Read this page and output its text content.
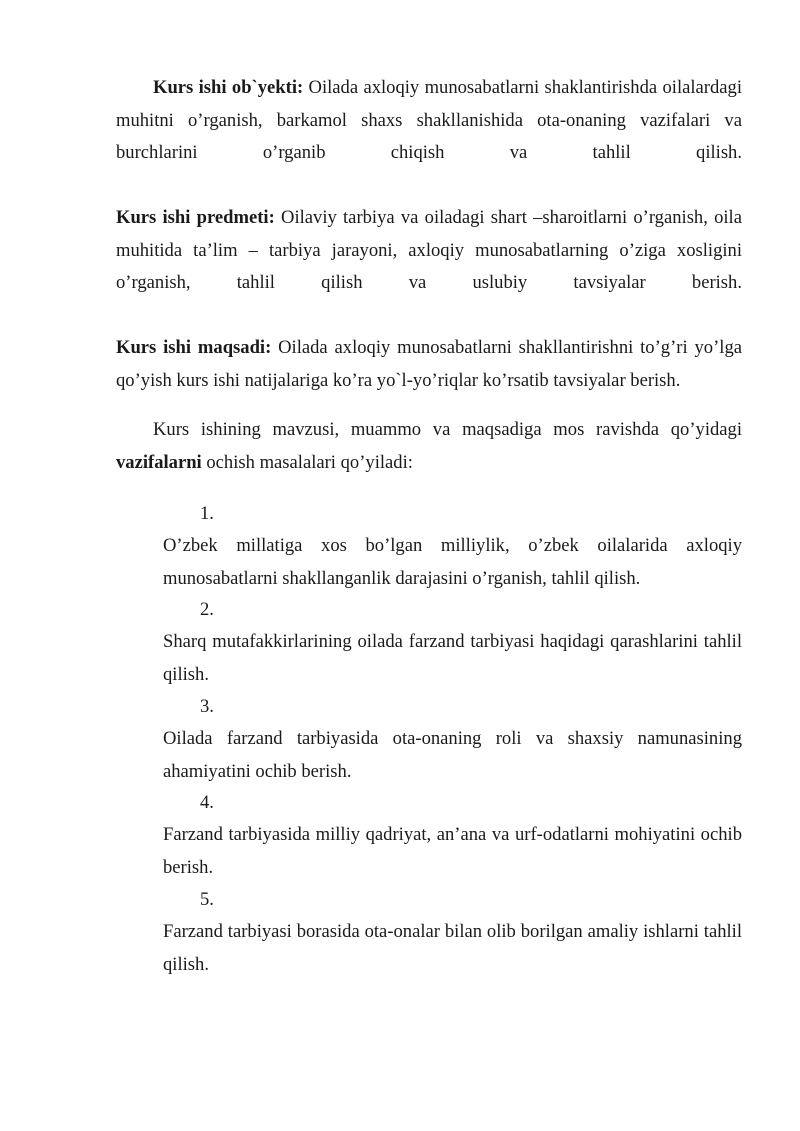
Kurs ishi ob`yekti: Oilada axloqiy munosabatlarni shaklantirishda oilalardagi muhitni o’rganish, barkamol shaxs shakllanishida ota-onaning vazifalari va burchlarini o’rganib chiqish va tahlil qilish.

Kurs ishi predmeti: Oilaviy tarbiya va oiladagi shart –sharoitlarni o’rganish, oila muhitida ta’lim – tarbiya jarayoni, axloqiy munosabatlarning o’ziga xosligini o’rganish, tahlil qilish va uslubiy tavsiyalar berish.

Kurs ishi maqsadi: Oilada axloqiy munosabatlarni shakllantirishni to’g’ri yo’lga qo’yish kurs ishi natijalariga ko’ra yo`l-yo’riqlar ko’rsatib tavsiyalar berish.

Kurs ishining mavzusi, muammo va maqsadiga mos ravishda qo’yidagi vazifalarni ochish masalalari qo’yiladi:

1.

O’zbek millatiga xos bo’lgan milliylik, o’zbek oilalarida axloqiy munosabatlarni shakllanganlik darajasini o’rganish, tahlil qilish.

2.

Sharq mutafakkirlarining oilada farzand tarbiyasi haqidagi qarashlarini tahlil qilish.

3.

Oilada farzand tarbiyasida ota-onaning roli va shaxsiy namunasining ahamiyatini ochib berish.

4.

Farzand tarbiyasida milliy qadriyat, an’ana va urf-odatlarni mohiyatini ochib berish.

5.

Farzand tarbiyasi borasida ota-onalar bilan olib borilgan amaliy ishlarni tahlil qilish.
